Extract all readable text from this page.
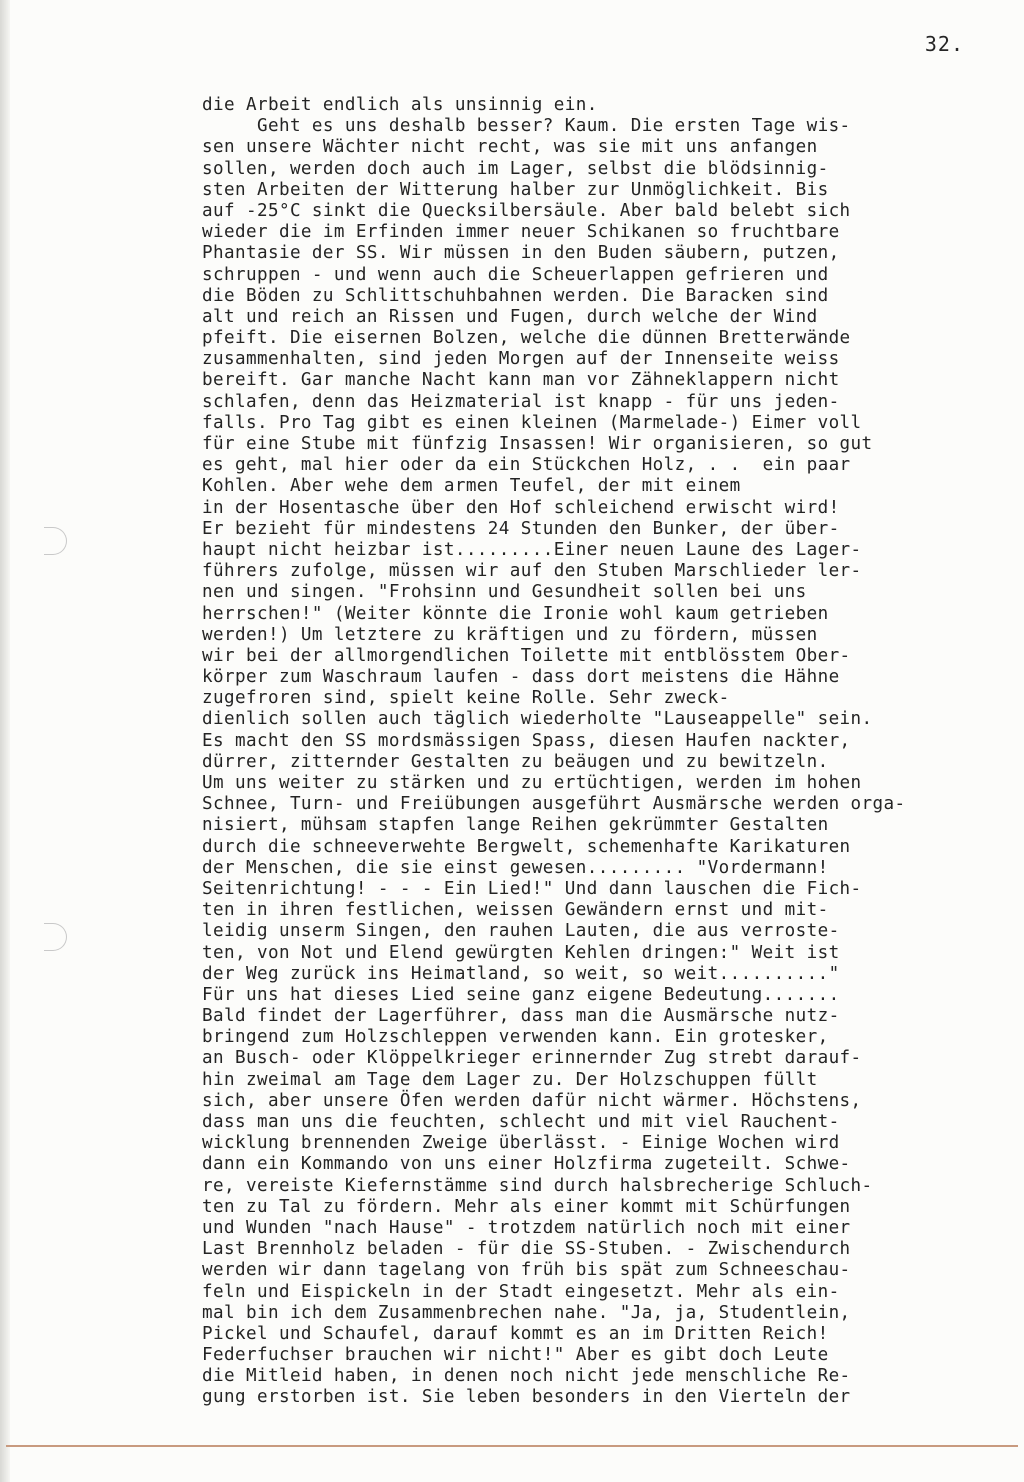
32.
die Arbeit endlich als unsinnig ein.
Geht es uns deshalb besser? Kaum. Die ersten Tage wis-
sen unsere Wächter nicht recht, was sie mit uns anfangen
sollen, werden doch auch im Lager, selbst die blödsinnig-
sten Arbeiten der Witterung halber zur Unmöglichkeit. Bis
auf -25°C sinkt die Quecksilbersäule. Aber bald belebt sich
wieder die im Erfinden immer neuer Schikanen so fruchtbare
Phantasie der SS. Wir müssen in den Buden säubern, putzen,
schruppen - und wenn auch die Scheuerlappen gefrieren und
die Böden zu Schlittschuhbahnen werden. Die Baracken sind
alt und reich an Rissen und Fugen, durch welche der Wind
pfeift. Die eisernen Bolzen, welche die dünnen Bretterwände
zusammenhalten, sind jeden Morgen auf der Innenseite weiss
bereift. Gar manche Nacht kann man vor Zähneklappern nicht
schlafen, denn das Heizmaterial ist knapp - für uns jeden-
falls. Pro Tag gibt es einen kleinen (Marmelade-) Eimer voll
für eine Stube mit fünfzig Insassen! Wir organisieren, so gut
es geht, mal hier oder da ein Stückchen Holz, . .  ein paar
Kohlen. Aber wehe dem armen Teufel, der mit einem
in der Hosentasche über den Hof schleichend erwischt wird!
Er bezieht für mindestens 24 Stunden den Bunker, der über-
haupt nicht heizbar ist.........Einer neuen Laune des Lager-
führers zufolge, müssen wir auf den Stuben Marschlieder ler-
nen und singen. "Frohsinn und Gesundheit sollen bei uns
herrschen!" (Weiter könnte die Ironie wohl kaum getrieben
werden!) Um letztere zu kräftigen und zu fördern, müssen
wir bei der allmorgendlichen Toilette mit entblösstem Ober-
körper zum Waschraum laufen - dass dort meistens die Hähne
zugefroren sind, spielt keine Rolle. Sehr zweck-
dienlich sollen auch täglich wiederholte "Lauseappelle" sein.
Es macht den SS mordsmässigen Spass, diesen Haufen nackter,
dürrer, zitternder Gestalten zu beäugen und zu bewitzeln.
Um uns weiter zu stärken und zu ertüchtigen, werden im hohen
Schnee, Turn- und Freiübungen ausgeführt Ausmärsche werden orga-
nisiert, mühsam stapfen lange Reihen gekrümmter Gestalten
durch die schneeverwehte Bergwelt, schemenhafte Karikaturen
der Menschen, die sie einst gewesen......... "Vordermann!
Seitenrichtung! - - - Ein Lied!" Und dann lauschen die Fich-
ten in ihren festlichen, weissen Gewändern ernst und mit-
leidig unserm Singen, den rauhen Lauten, die aus verroste-
ten, von Not und Elend gewürgten Kehlen dringen:" Weit ist
der Weg zurück ins Heimatland, so weit, so weit.........."
Für uns hat dieses Lied seine ganz eigene Bedeutung.......
Bald findet der Lagerführer, dass man die Ausmärsche nutz-
bringend zum Holzschleppen verwenden kann. Ein grotesker,
an Busch- oder Klöppelkrieger erinnernder Zug strebt darauf-
hin zweimal am Tage dem Lager zu. Der Holzschuppen füllt
sich, aber unsere Öfen werden dafür nicht wärmer. Höchstens,
dass man uns die feuchten, schlecht und mit viel Rauchent-
wicklung brennenden Zweige überlässt. - Einige Wochen wird
dann ein Kommando von uns einer Holzfirma zugeteilt. Schwe-
re, vereiste Kiefernstämme sind durch halsbrecherige Schluch-
ten zu Tal zu fördern. Mehr als einer kommt mit Schürfungen
und Wunden "nach Hause" - trotzdem natürlich noch mit einer
Last Brennholz beladen - für die SS-Stuben. - Zwischendurch
werden wir dann tagelang von früh bis spät zum Schneeschau-
feln und Eispickeln in der Stadt eingesetzt. Mehr als ein-
mal bin ich dem Zusammenbrechen nahe. "Ja, ja, Studentlein,
Pickel und Schaufel, darauf kommt es an im Dritten Reich!
Federfuchser brauchen wir nicht!" Aber es gibt doch Leute
die Mitleid haben, in denen noch nicht jede menschliche Re-
gung erstorben ist. Sie leben besonders in den Vierteln der
